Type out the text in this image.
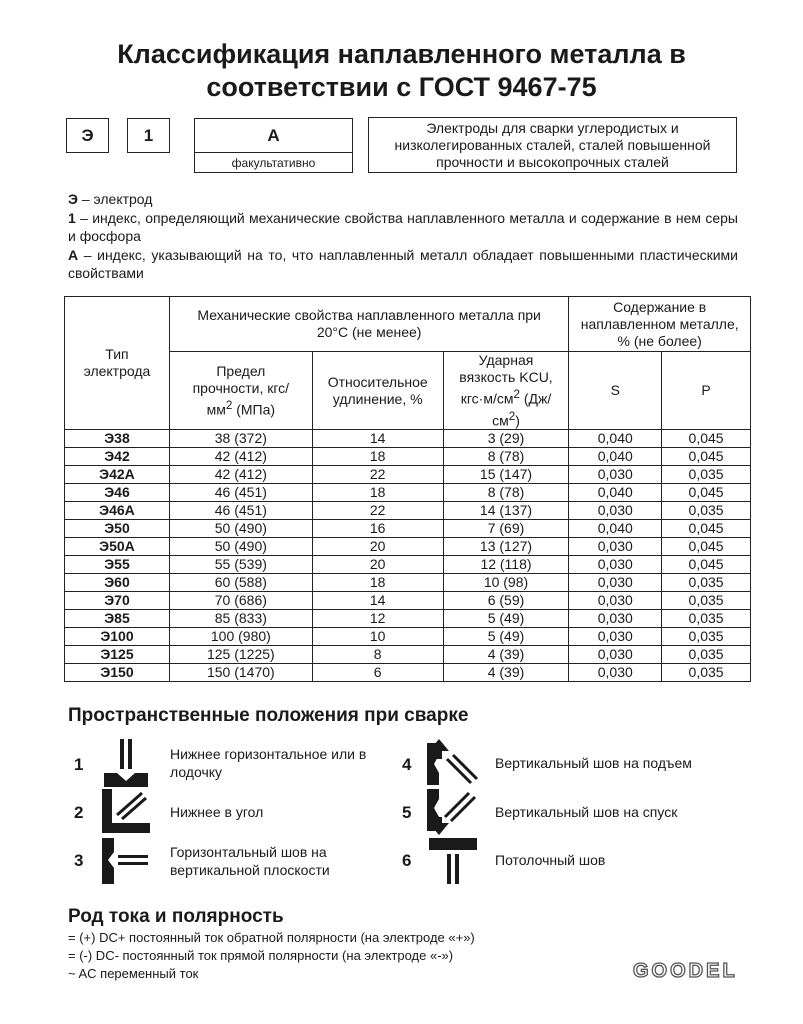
Классификация наплавленного металла в
соответствии с ГОСТ 9467-75
Э	1	А
факультативно
Электроды для сварки углеродистых и низколегированных сталей, сталей повышенной прочности и высокопрочных сталей

Э – электрод

1 – индекс, определяющий механические свойства наплавленного металла и содержание в нем серы и фосфора

А – индекс, указывающий на то, что наплавленный металл обладает повышенными пластическими свойствами

Тип электрода	Механические свойства наплавленного металла при 20°С (не менее)			Содержание в наплавленном металле, % (не более)	
	Предел прочности, кгс/$мм^2$ (МПа)	Относительное удлинение, %	Ударная вязкость KCU, $кгс\cdot м/см^2$ $(Дж/см^2)$	S	P
Э38	38 (372)	14	3 (29)	0,040	0,045
Э42	42 (412)	18	8 (78)	0,040	0,045
Э42А	42 (412)	22	15 (147)	0,030	0,035
Э46	46 (451)	18	8 (78)	0,040	0,045
Э46А	46 (451)	22	14 (137)	0,030	0,035
Э50	50 (490)	16	7 (69)	0,040	0,045
Э50А	50 (490)	20	13 (127)	0,030	0,045
Э55	55 (539)	20	12 (118)	0,030	0,045
Э60	60 (588)	18	10 (98)	0,030	0,035
Э70	70 (686)	14	6 (59)	0,030	0,035
Э85	85 (833)	12	5 (49)	0,030	0,035
Э100	100 (980)	10	5 (49)	0,030	0,035
Э125	125 (1225)	8	4 (39)	0,030	0,035
Э150	150 (1470)	6	4 (39)	0,030	0,035
Пространственные положения при сварке
1
Нижнее горизонтальное или в лодочку
2	Нижнее в угол
3	Горизонтальный шов на вертикальной плоскости
4	Вертикальный шов на подъем
5	Вертикальный шов на спуск
6	Потолочный шов
Род тока и полярность
= (+) DC+ постоянный ток обратной полярности (на электроде «+»)
= (-) DC- постоянный ток прямой полярности (на электроде «-»)
~ AC переменный ток	GOODEL
